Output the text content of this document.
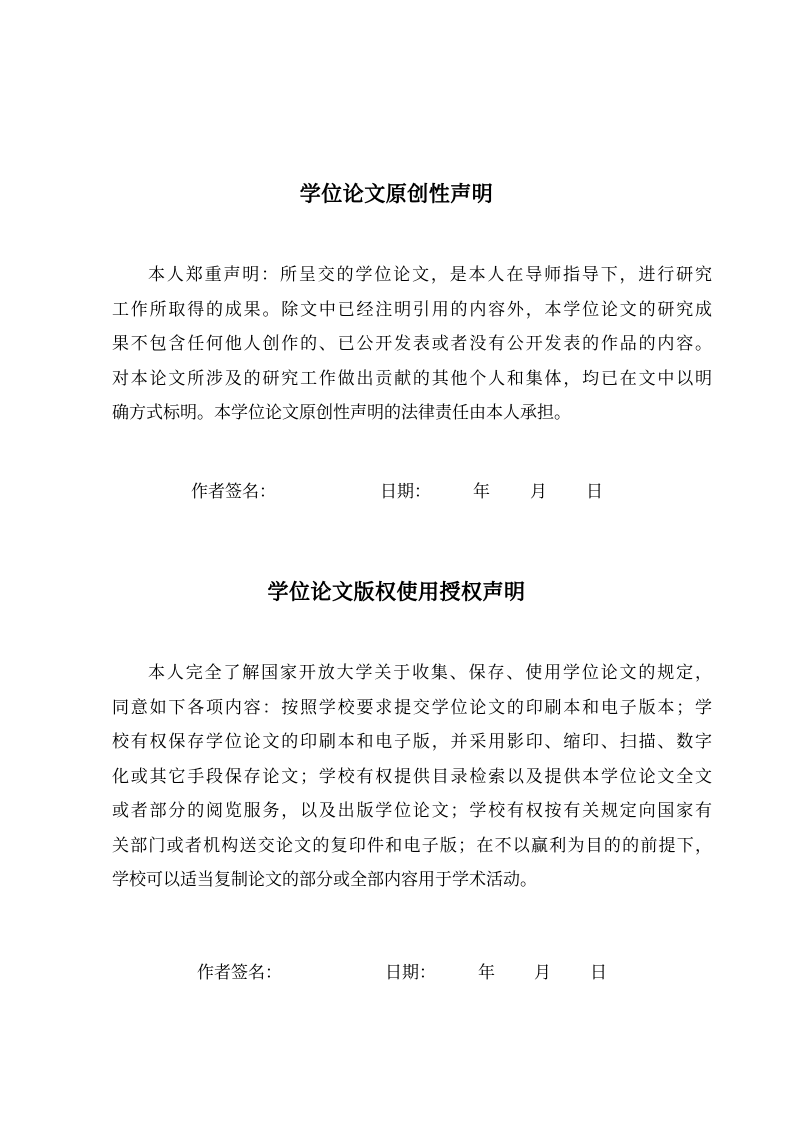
学位论文原创性声明
本人郑重声明：所呈交的学位论文，是本人在导师指导下，进行研究
工作所取得的成果。除文中已经注明引用的内容外，本学位论文的研究成
果不包含任何他人创作的、已公开发表或者没有公开发表的作品的内容。
对本论文所涉及的研究工作做出贡献的其他个人和集体，均已在文中以明
确方式标明。本学位论文原创性声明的法律责任由本人承担。
作者签名：	日期： 年 月 日
学位论文版权使用授权声明
本人完全了解国家开放大学关于收集、保存、使用学位论文的规定，
同意如下各项内容：按照学校要求提交学位论文的印刷本和电子版本；学
校有权保存学位论文的印刷本和电子版，并采用影印、缩印、扫描、数字
化或其它手段保存论文；学校有权提供目录检索以及提供本学位论文全文
或者部分的阅览服务，以及出版学位论文；学校有权按有关规定向国家有
关部门或者机构送交论文的复印件和电子版；在不以赢利为目的的前提下，
学校可以适当复制论文的部分或全部内容用于学术活动。
作者签名：	日期： 年 月 日
